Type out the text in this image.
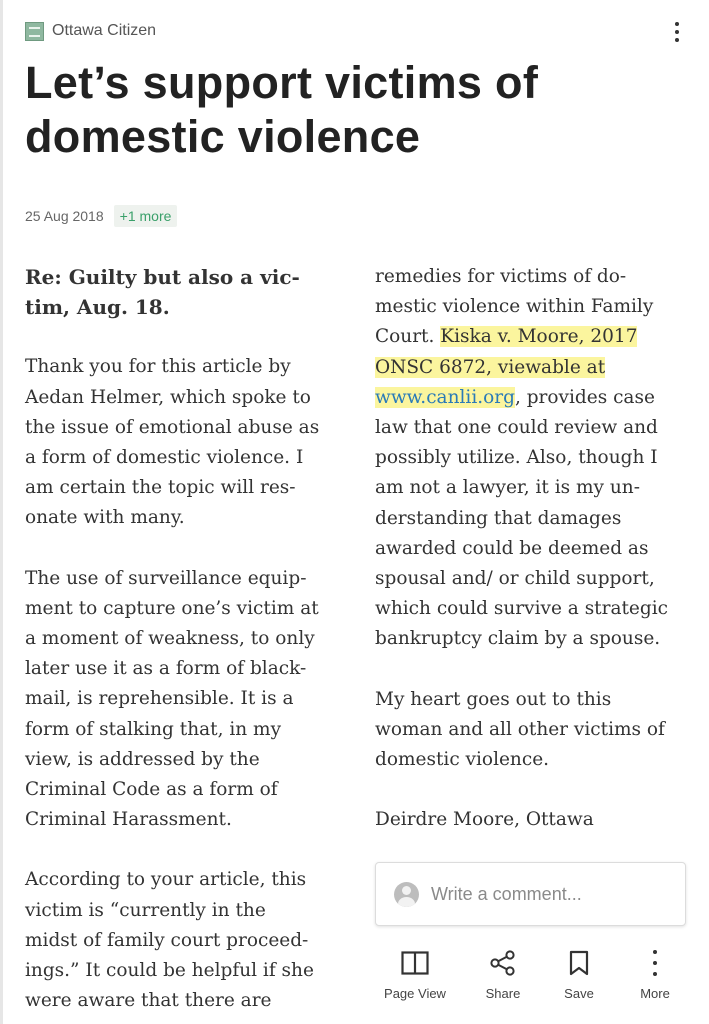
Ottawa Citizen
Let’s support victims of domestic violence
25 Aug 2018	+1 more

Re: Guilty but also a vic-
tim, Aug. 18.

Thank you for this article by
Aedan Helmer, which spoke to
the issue of emotional abuse as
a form of domestic violence. I
am certain the topic will res-
onate with many.

The use of surveillance equip-
ment to capture one’s victim at
a moment of weakness, to only
later use it as a form of black-
mail, is reprehensible. It is a
form of stalking that, in my
view, is addressed by the
Criminal Code as a form of
Criminal Harassment.

According to your article, this
victim is “currently in the
midst of family court proceed-
ings.” It could be helpful if she
were aware that there are

remedies for victims of do-
mestic violence within Family
Court. Kiska v. Moore, 2017
ONSC 6872, viewable at
www.canlii.org, provides case
law that one could review and
possibly utilize. Also, though I
am not a lawyer, it is my un-
derstanding that damages
awarded could be deemed as
spousal and/ or child support,
which could survive a strategic
bankruptcy claim by a spouse.

My heart goes out to this
woman and all other victims of
domestic violence.

Deirdre Moore, Ottawa

Write a comment...
Page View	Share	Save	More
